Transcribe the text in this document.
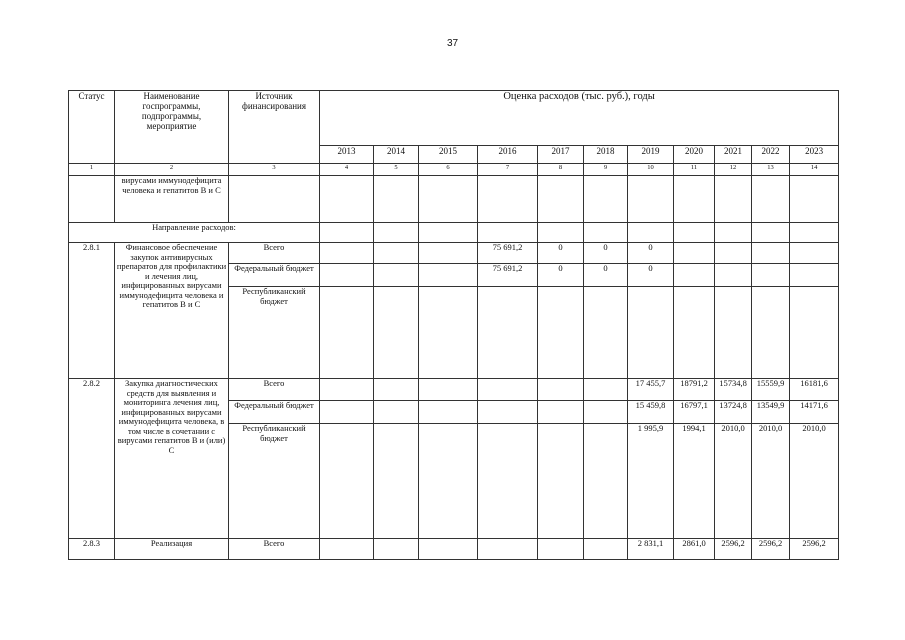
37
Статус	Наименование госпрограммы, подпрограммы, мероприятие	Источник финансирования	Оценка расходов (тыс. руб.), годы										
			2013	2014	2015	2016	2017	2018	2019	2020	2021	2022	2023
1	2	3	4	5	6	7	8	9	10	11	12	13	14
	вирусами иммунодефицита человека и гепатитов В и С												
Направление расходов:													
2.8.1	Финансовое обеспечение закупок антивирусных препаратов для профилактики и лечения лиц, инфицированных вирусами иммунодефицита человека и гепатитов В и С	Всего				75 691,2	0	0	0				
		Федеральный бюджет				75 691,2	0	0	0				
		Республиканский бюджет											
2.8.2	Закупка диагностических средств для выявления и мониторинга лечения лиц, инфицированных вирусами иммунодефицита человека, в том числе в сочетании с вирусами гепатитов В и (или) С	Всего							17 455,7	18791,2	15734,8	15559,9	16181,6
		Федеральный бюджет							15 459,8	16797,1	13724,8	13549,9	14171,6
		Республиканский бюджет							1 995,9	1994,1	2010,0	2010,0	2010,0
2.8.3	Реализация	Всего							2 831,1	2861,0	2596,2	2596,2	2596,2
